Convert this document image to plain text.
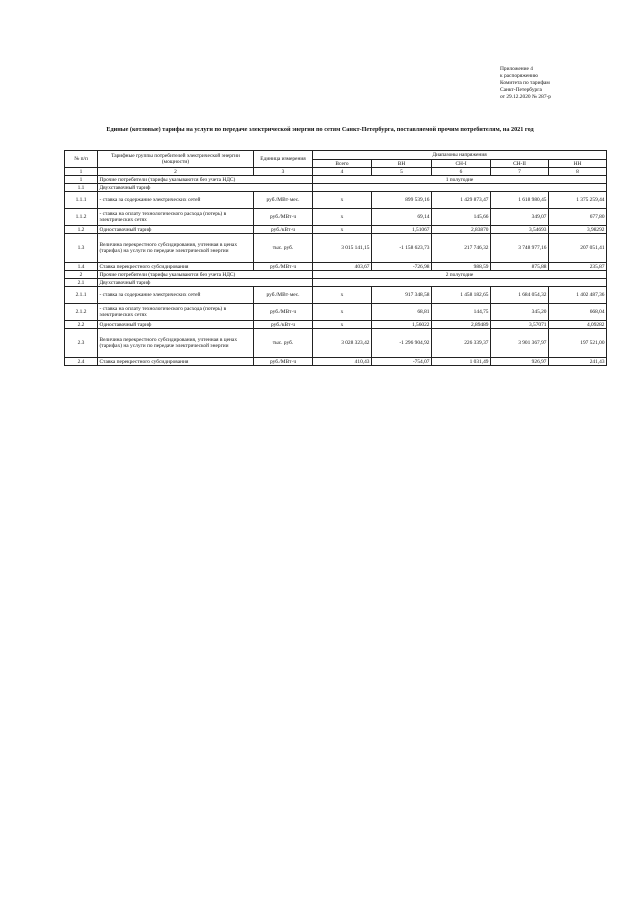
Приложение 4
к распоряжению
Комитета по тарифам
Санкт-Петербурга
от 29.12.2020 № 287-р
Единые (котловые) тарифы на услуги по передаче электрической энергии по сетям Санкт-Петербурга, поставляемой прочим потребителям, на 2021 год
№ п/п	Тарифные группы потребителей электрической энергии (мощности)	Единица измерения	Диапазоны напряжения				
			Всего	ВН	СН-I	СН-II	НН
1	2	3	4	5	6	7	8
1	Прочие потребители (тарифы указываются без учета НДС)		1 полугодие				
1.1	Двухставочный тариф						
1.1.1	- ставка за содержание электрических сетей	руб./МВт·мес.	x	899 539,16	1 429 873,47	1 618 980,45	1 375 259,44
1.1.2	- ставка на оплату технологического расхода (потерь) в электрических сетях	руб./МВт·ч	x	69,14	145,66	349,07	677,80
1.2	Одноставочный тариф	руб./кВт·ч	x	1,51067	2,83870	3,54693	3,98292
1.3	Величина перекрестного субсидирования, учтенная в ценах (тарифах) на услуги по передаче электрической энергии	тыс. руб.	3 015 141,15	-1 158 623,73	217 746,32	3 748 977,16	207 051,41
1.4	Ставка перекрестного субсидирования	руб./МВт·ч	403,67	-726,98	988,59	875,88	235,87
2	Прочие потребители (тарифы указываются без учета НДС)		2 полугодие				
2.1	Двухставочный тариф						
2.1.1	- ставка за содержание электрических сетей	руб./МВт·мес.	x	917 348,58	1 458 182,65	1 684 054,32	1 402 487,36
2.1.2	- ставка на оплату технологического расхода (потерь) в электрических сетях	руб./МВт·ч	x	68,81	144,75	345,20	668,04
2.2	Одноставочный тариф	руб./кВт·ч	x	1,56022	2,89489	3,57071	4,09282
2.3	Величина перекрестного субсидирования, учтенная в ценах (тарифах) на услуги по передаче электрической энергии	тыс. руб.	3 028 323,42	-1 296 904,92	226 339,37	3 901 367,97	197 521,00
2.4	Ставка перекрестного субсидирования	руб./МВт·ч	410,43	-754,07	1 031,49	926,97	241,43
